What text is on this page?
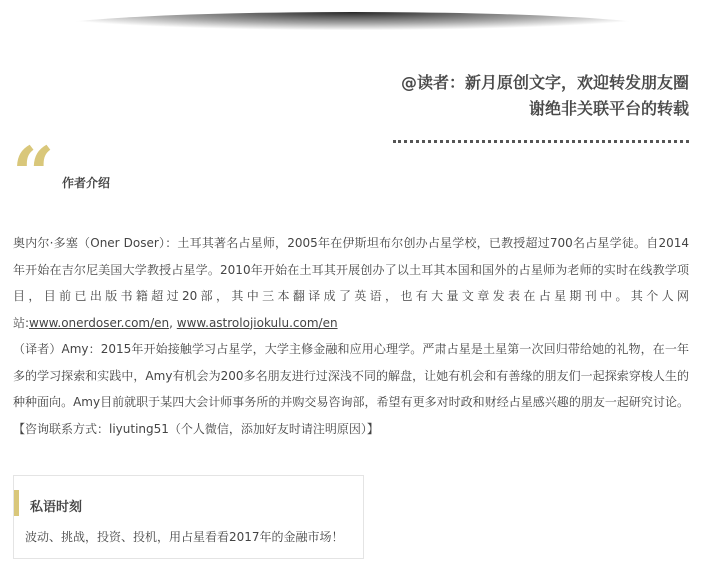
@读者：新月原创文字，欢迎转发朋友圈
谢绝非关联平台的转载
“ 作者介绍

奥内尔·多塞（Oner Doser）：土耳其著名占星师，2005年在伊斯坦布尔创办占星学校，已教授超过700名占星学徒。自2014年开始在吉尔尼美国大学教授占星学。2010年开始在土耳其开展创办了以土耳其本国和国外的占星师为老师的实时在线教学项目，目前已出版书籍超过20部，其中三本翻译成了英语，也有大量文章发表在占星期刊中。其个人网站:www.onerdoser.com/en, www.astrolojiokulu.com/en

（译者）Amy：2015年开始接触学习占星学，大学主修金融和应用心理学。严肃占星是土星第一次回归带给她的礼物，在一年多的学习探索和实践中，Amy有机会为200多名朋友进行过深浅不同的解盘，让她有机会和有善缘的朋友们一起探索穿梭人生的种种面向。Amy目前就职于某四大会计师事务所的并购交易咨询部，希望有更多对时政和财经占星感兴趣的朋友一起研究讨论。【咨询联系方式：liyuting51（个人微信，添加好友时请注明原因）】

私语时刻
波动、挑战，投资、投机，用占星看看2017年的金融市场！
